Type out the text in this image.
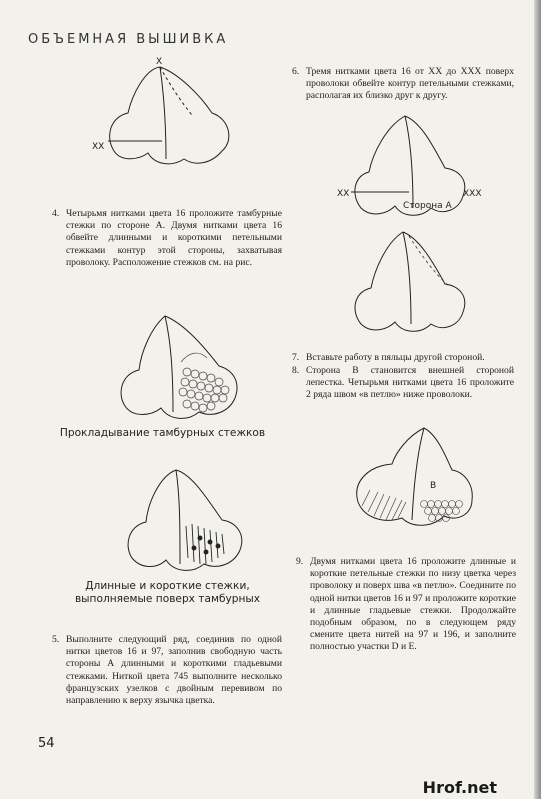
ОБЪЕМНАЯ ВЫШИВКА
X
XX
4. Четырьмя нитками цвета 16 проложите тамбурные стежки по стороне А. Двумя нитками цвета 16 обвейте длинными и короткими петельными стежками контур этой стороны, захватывая проволоку. Расположение стежков см. на рис.
Прокладывание тамбурных стежков
Длинные и короткие стежки,
выполняемые поверх тамбурных
5. Выполните следующий ряд, соединив по одной нитки цветов 16 и 97, заполнив свободную часть стороны А длинными и короткими гладьевыми стежками. Ниткой цвета 745 выполните несколько французских узелков с двойным перевивом по направлению к верху язычка цветка.
6. Тремя нитками цвета 16 от XX до XXX поверх проволоки обвейте контур петельными стежками, располагая их близко друг к другу.
XX	XXX
Сторона А
7. Вставьте работу в пяльцы другой стороной.
8. Сторона В становится внешней стороной лепестка. Четырьмя нитками цвета 16 проложите 2 ряда швом «в петлю» ниже проволоки.
B
9. Двумя нитками цвета 16 проложите длинные и короткие петельные стежки по низу цветка через проволоку и поверх шва «в петлю». Соедините по одной нитки цветов 16 и 97 и проложите короткие и длинные гладьевые стежки. Продолжайте подобным образом, по в следующем ряду смените цвета нитей на 97 и 196, и заполните полностью участки D и E.
54
Hrof.net
